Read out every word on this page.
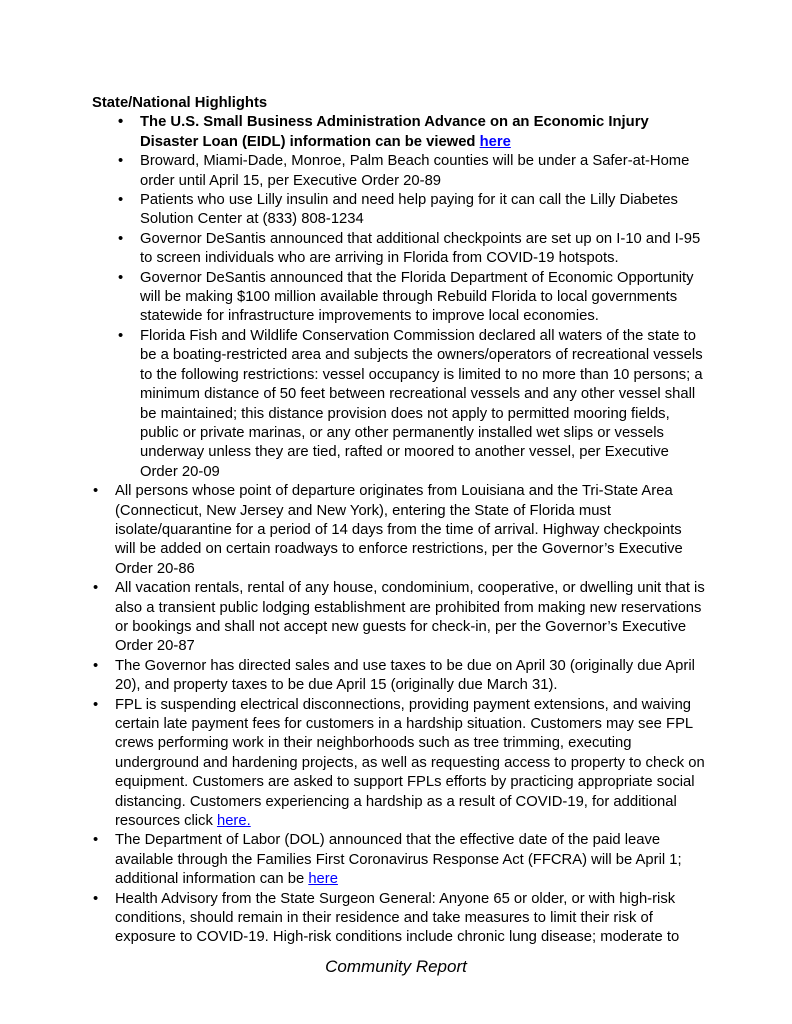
State/National Highlights
• The U.S. Small Business Administration Advance on an Economic Injury Disaster Loan (EIDL) information can be viewed here
• Broward, Miami-Dade, Monroe, Palm Beach counties will be under a Safer-at-Home order until April 15, per Executive Order 20-89
• Patients who use Lilly insulin and need help paying for it can call the Lilly Diabetes Solution Center at (833) 808-1234
• Governor DeSantis announced that additional checkpoints are set up on I-10 and I-95 to screen individuals who are arriving in Florida from COVID-19 hotspots.
• Governor DeSantis announced that the Florida Department of Economic Opportunity will be making $100 million available through Rebuild Florida to local governments statewide for infrastructure improvements to improve local economies.
• Florida Fish and Wildlife Conservation Commission declared all waters of the state to be a boating-restricted area and subjects the owners/operators of recreational vessels to the following restrictions: vessel occupancy is limited to no more than 10 persons; a minimum distance of 50 feet between recreational vessels and any other vessel shall be maintained; this distance provision does not apply to permitted mooring fields, public or private marinas, or any other permanently installed wet slips or vessels underway unless they are tied, rafted or moored to another vessel, per Executive Order 20-09
• All persons whose point of departure originates from Louisiana and the Tri-State Area (Connecticut, New Jersey and New York), entering the State of Florida must isolate/quarantine for a period of 14 days from the time of arrival. Highway checkpoints will be added on certain roadways to enforce restrictions, per the Governor’s Executive Order 20-86
• All vacation rentals, rental of any house, condominium, cooperative, or dwelling unit that is also a transient public lodging establishment are prohibited from making new reservations or bookings and shall not accept new guests for check-in, per the Governor’s Executive Order 20-87
• The Governor has directed sales and use taxes to be due on April 30 (originally due April 20), and property taxes to be due April 15 (originally due March 31).
• FPL is suspending electrical disconnections, providing payment extensions, and waiving certain late payment fees for customers in a hardship situation. Customers may see FPL crews performing work in their neighborhoods such as tree trimming, executing underground and hardening projects, as well as requesting access to property to check on equipment. Customers are asked to support FPLs efforts by practicing appropriate social distancing. Customers experiencing a hardship as a result of COVID-19, for additional resources click here.
• The Department of Labor (DOL) announced that the effective date of the paid leave available through the Families First Coronavirus Response Act (FFCRA) will be April 1; additional information can be here
• Health Advisory from the State Surgeon General: Anyone 65 or older, or with high-risk conditions, should remain in their residence and take measures to limit their risk of exposure to COVID-19. High-risk conditions include chronic lung disease; moderate to
Community Report
